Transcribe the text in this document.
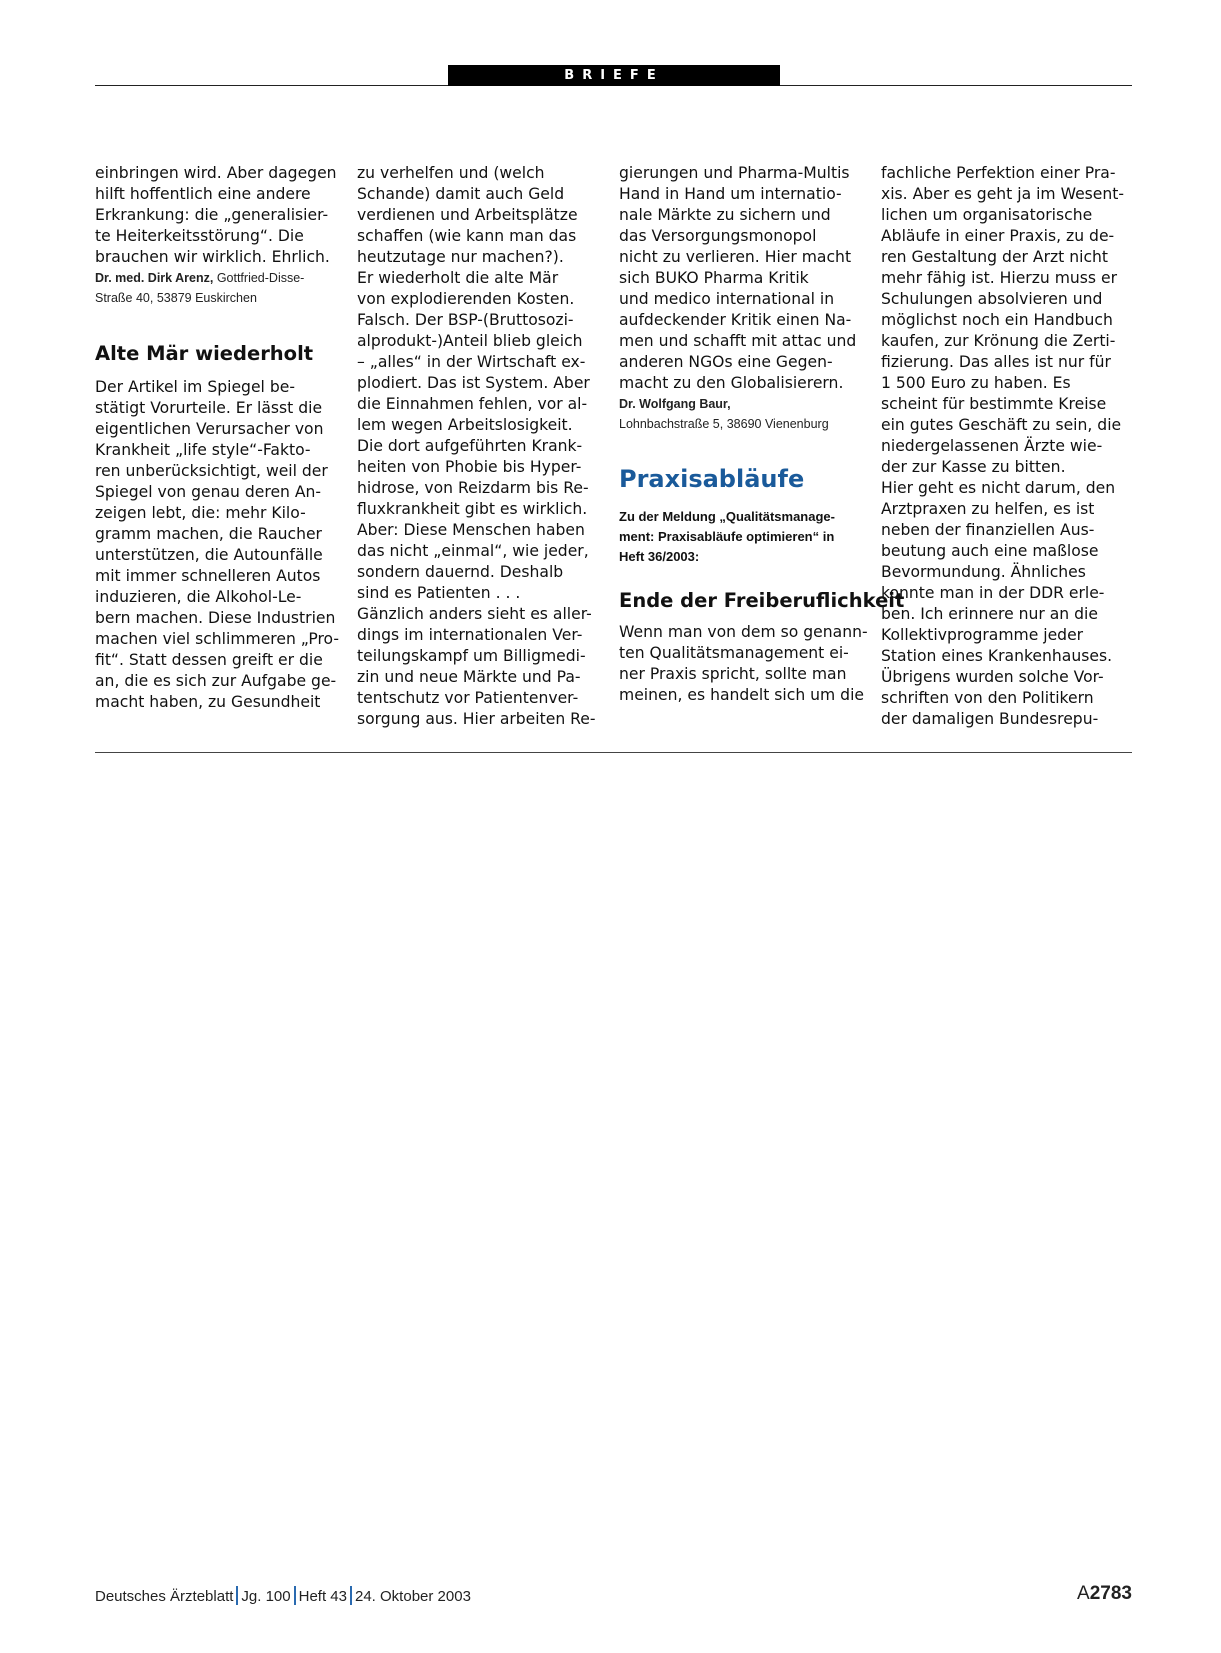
BRIEFE
einbringen wird. Aber dagegen
hilft hoffentlich eine andere
Erkrankung: die „generalisier-
te Heiterkeitsstörung“. Die
brauchen wir wirklich. Ehrlich.
Dr. med. Dirk Arenz, Gottfried-Disse-
Straße 40, 53879 Euskirchen
Alte Mär wiederholt
Der Artikel im Spiegel be-
stätigt Vorurteile. Er lässt die
eigentlichen Verursacher von
Krankheit „life style“-Fakto-
ren unberücksichtigt, weil der
Spiegel von genau deren An-
zeigen lebt, die: mehr Kilo-
gramm machen, die Raucher
unterstützen, die Autounfälle
mit immer schnelleren Autos
induzieren, die Alkohol-Le-
bern machen. Diese Industrien
machen viel schlimmeren „Pro-
fit“. Statt dessen greift er die
an, die es sich zur Aufgabe ge-
macht haben, zu Gesundheit
zu verhelfen und (welch
Schande) damit auch Geld
verdienen und Arbeitsplätze
schaffen (wie kann man das
heutzutage nur machen?).
Er wiederholt die alte Mär
von explodierenden Kosten.
Falsch. Der BSP-(Bruttosozi-
alprodukt-)Anteil blieb gleich
– „alles“ in der Wirtschaft ex-
plodiert. Das ist System. Aber
die Einnahmen fehlen, vor al-
lem wegen Arbeitslosigkeit.
Die dort aufgeführten Krank-
heiten von Phobie bis Hyper-
hidrose, von Reizdarm bis Re-
fluxkrankheit gibt es wirklich.
Aber: Diese Menschen haben
das nicht „einmal“, wie jeder,
sondern dauernd. Deshalb
sind es Patienten . . .
Gänzlich anders sieht es aller-
dings im internationalen Ver-
teilungskampf um Billigmedi-
zin und neue Märkte und Pa-
tentschutz vor Patientenver-
sorgung aus. Hier arbeiten Re-
gierungen und Pharma-Multis
Hand in Hand um internatio-
nale Märkte zu sichern und
das Versorgungsmonopol
nicht zu verlieren. Hier macht
sich BUKO Pharma Kritik
und medico international in
aufdeckender Kritik einen Na-
men und schafft mit attac und
anderen NGOs eine Gegen-
macht zu den Globalisierern.
Dr. Wolfgang Baur,
Lohnbachstraße 5, 38690 Vienenburg
Praxisabläufe
Zu der Meldung „Qualitätsmanage-
ment: Praxisabläufe optimieren“ in
Heft 36/2003:
Ende der Freiberuflichkeit
Wenn man von dem so genann-
ten Qualitätsmanagement ei-
ner Praxis spricht, sollte man
meinen, es handelt sich um die
fachliche Perfektion einer Pra-
xis. Aber es geht ja im Wesent-
lichen um organisatorische
Abläufe in einer Praxis, zu de-
ren Gestaltung der Arzt nicht
mehr fähig ist. Hierzu muss er
Schulungen absolvieren und
möglichst noch ein Handbuch
kaufen, zur Krönung die Zerti-
fizierung. Das alles ist nur für
1 500 Euro zu haben. Es
scheint für bestimmte Kreise
ein gutes Geschäft zu sein, die
niedergelassenen Ärzte wie-
der zur Kasse zu bitten.
Hier geht es nicht darum, den
Arztpraxen zu helfen, es ist
neben der finanziellen Aus-
beutung auch eine maßlose
Bevormundung. Ähnliches
konnte man in der DDR erle-
ben. Ich erinnere nur an die
Kollektivprogramme jeder
Station eines Krankenhauses.
Übrigens wurden solche Vor-
schriften von den Politikern
der damaligen Bundesrepu-
Deutsches Ärzteblatt Jg. 100 Heft 43 24. Oktober 2003	A2783
